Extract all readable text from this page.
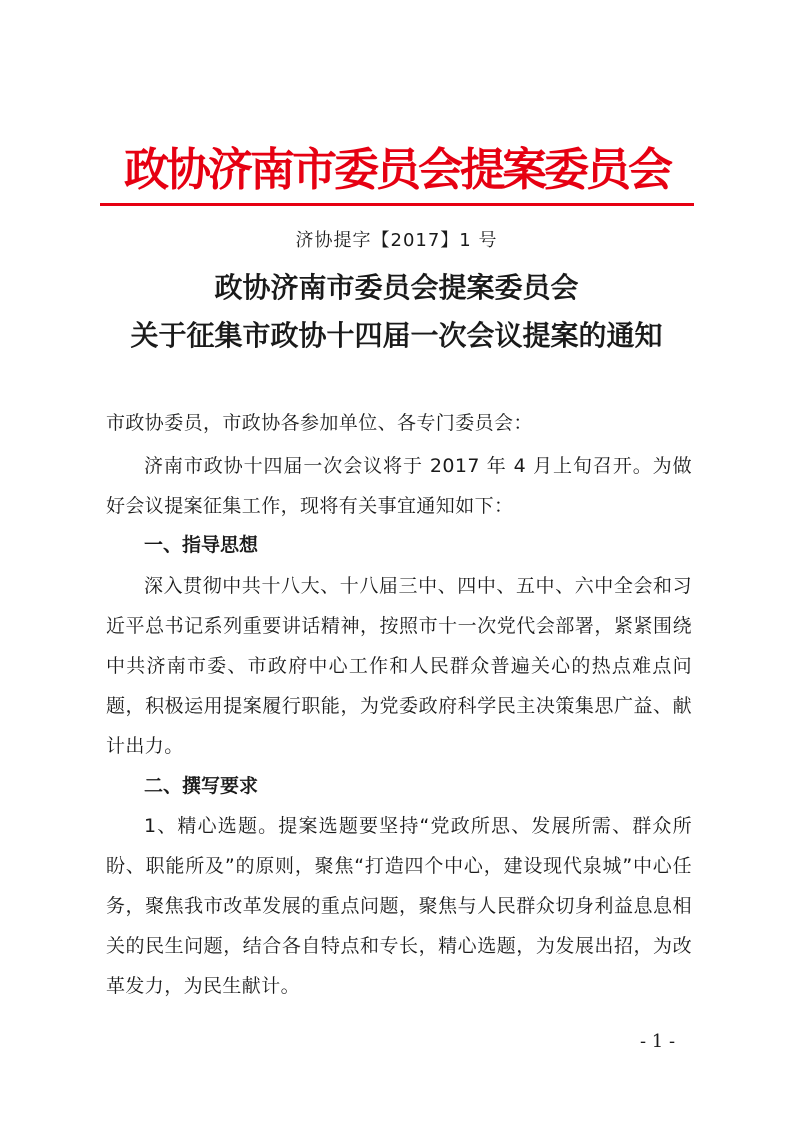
政协济南市委员会提案委员会
济协提字【2017】1 号
政协济南市委员会提案委员会
关于征集市政协十四届一次会议提案的通知
市政协委员，市政协各参加单位、各专门委员会：
济南市政协十四届一次会议将于 2017 年 4 月上旬召开。为做好会议提案征集工作，现将有关事宜通知如下：
一、指导思想
深入贯彻中共十八大、十八届三中、四中、五中、六中全会和习近平总书记系列重要讲话精神，按照市十一次党代会部署，紧紧围绕中共济南市委、市政府中心工作和人民群众普遍关心的热点难点问题，积极运用提案履行职能，为党委政府科学民主决策集思广益、献计出力。
二、撰写要求
1、精心选题。提案选题要坚持“党政所思、发展所需、群众所盼、职能所及”的原则，聚焦“打造四个中心，建设现代泉城”中心任务，聚焦我市改革发展的重点问题，聚焦与人民群众切身利益息息相关的民生问题，结合各自特点和专长，精心选题，为发展出招，为改革发力，为民生献计。
- 1 -
